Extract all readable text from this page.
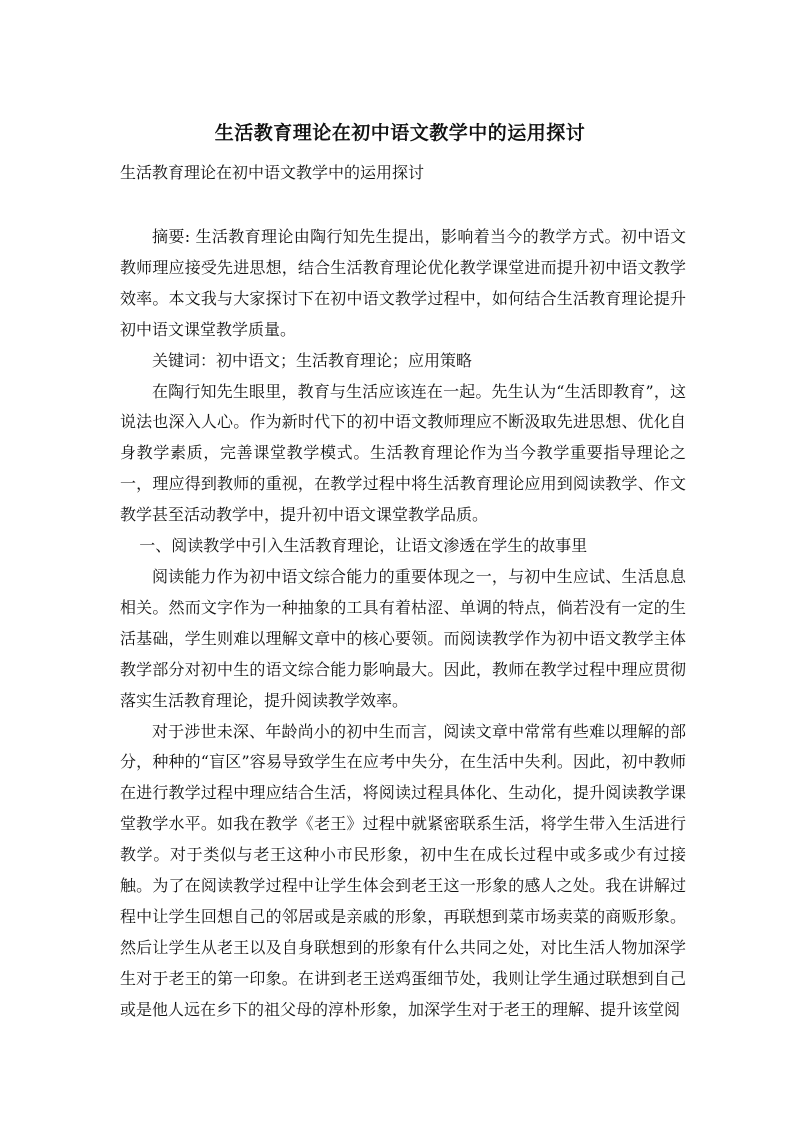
生活教育理论在初中语文教学中的运用探讨
生活教育理论在初中语文教学中的运用探讨

摘要: 生活教育理论由陶行知先生提出，影响着当今的教学方式。初中语文教师理应接受先进思想，结合生活教育理论优化教学课堂进而提升初中语文教学效率。本文我与大家探讨下在初中语文教学过程中，如何结合生活教育理论提升初中语文课堂教学质量。

关键词：初中语文；生活教育理论；应用策略

在陶行知先生眼里，教育与生活应该连在一起。先生认为“生活即教育”，这说法也深入人心。作为新时代下的初中语文教师理应不断汲取先进思想、优化自身教学素质，完善课堂教学模式。生活教育理论作为当今教学重要指导理论之一，理应得到教师的重视，在教学过程中将生活教育理论应用到阅读教学、作文教学甚至活动教学中，提升初中语文课堂教学品质。

一、阅读教学中引入生活教育理论，让语文渗透在学生的故事里

阅读能力作为初中语文综合能力的重要体现之一，与初中生应试、生活息息相关。然而文字作为一种抽象的工具有着枯涩、单调的特点，倘若没有一定的生活基础，学生则难以理解文章中的核心要领。而阅读教学作为初中语文教学主体教学部分对初中生的语文综合能力影响最大。因此，教师在教学过程中理应贯彻落实生活教育理论，提升阅读教学效率。

对于涉世未深、年龄尚小的初中生而言，阅读文章中常常有些难以理解的部分，种种的“盲区”容易导致学生在应考中失分，在生活中失利。因此，初中教师在进行教学过程中理应结合生活，将阅读过程具体化、生动化，提升阅读教学课堂教学水平。如我在教学《老王》过程中就紧密联系生活，将学生带入生活进行教学。对于类似与老王这种小市民形象，初中生在成长过程中或多或少有过接触。为了在阅读教学过程中让学生体会到老王这一形象的感人之处。我在讲解过程中让学生回想自己的邻居或是亲戚的形象，再联想到菜市场卖菜的商贩形象。然后让学生从老王以及自身联想到的形象有什么共同之处，对比生活人物加深学生对于老王的第一印象。在讲到老王送鸡蛋细节处，我则让学生通过联想到自己或是他人远在乡下的祖父母的淳朴形象，加深学生对于老王的理解、提升该堂阅
